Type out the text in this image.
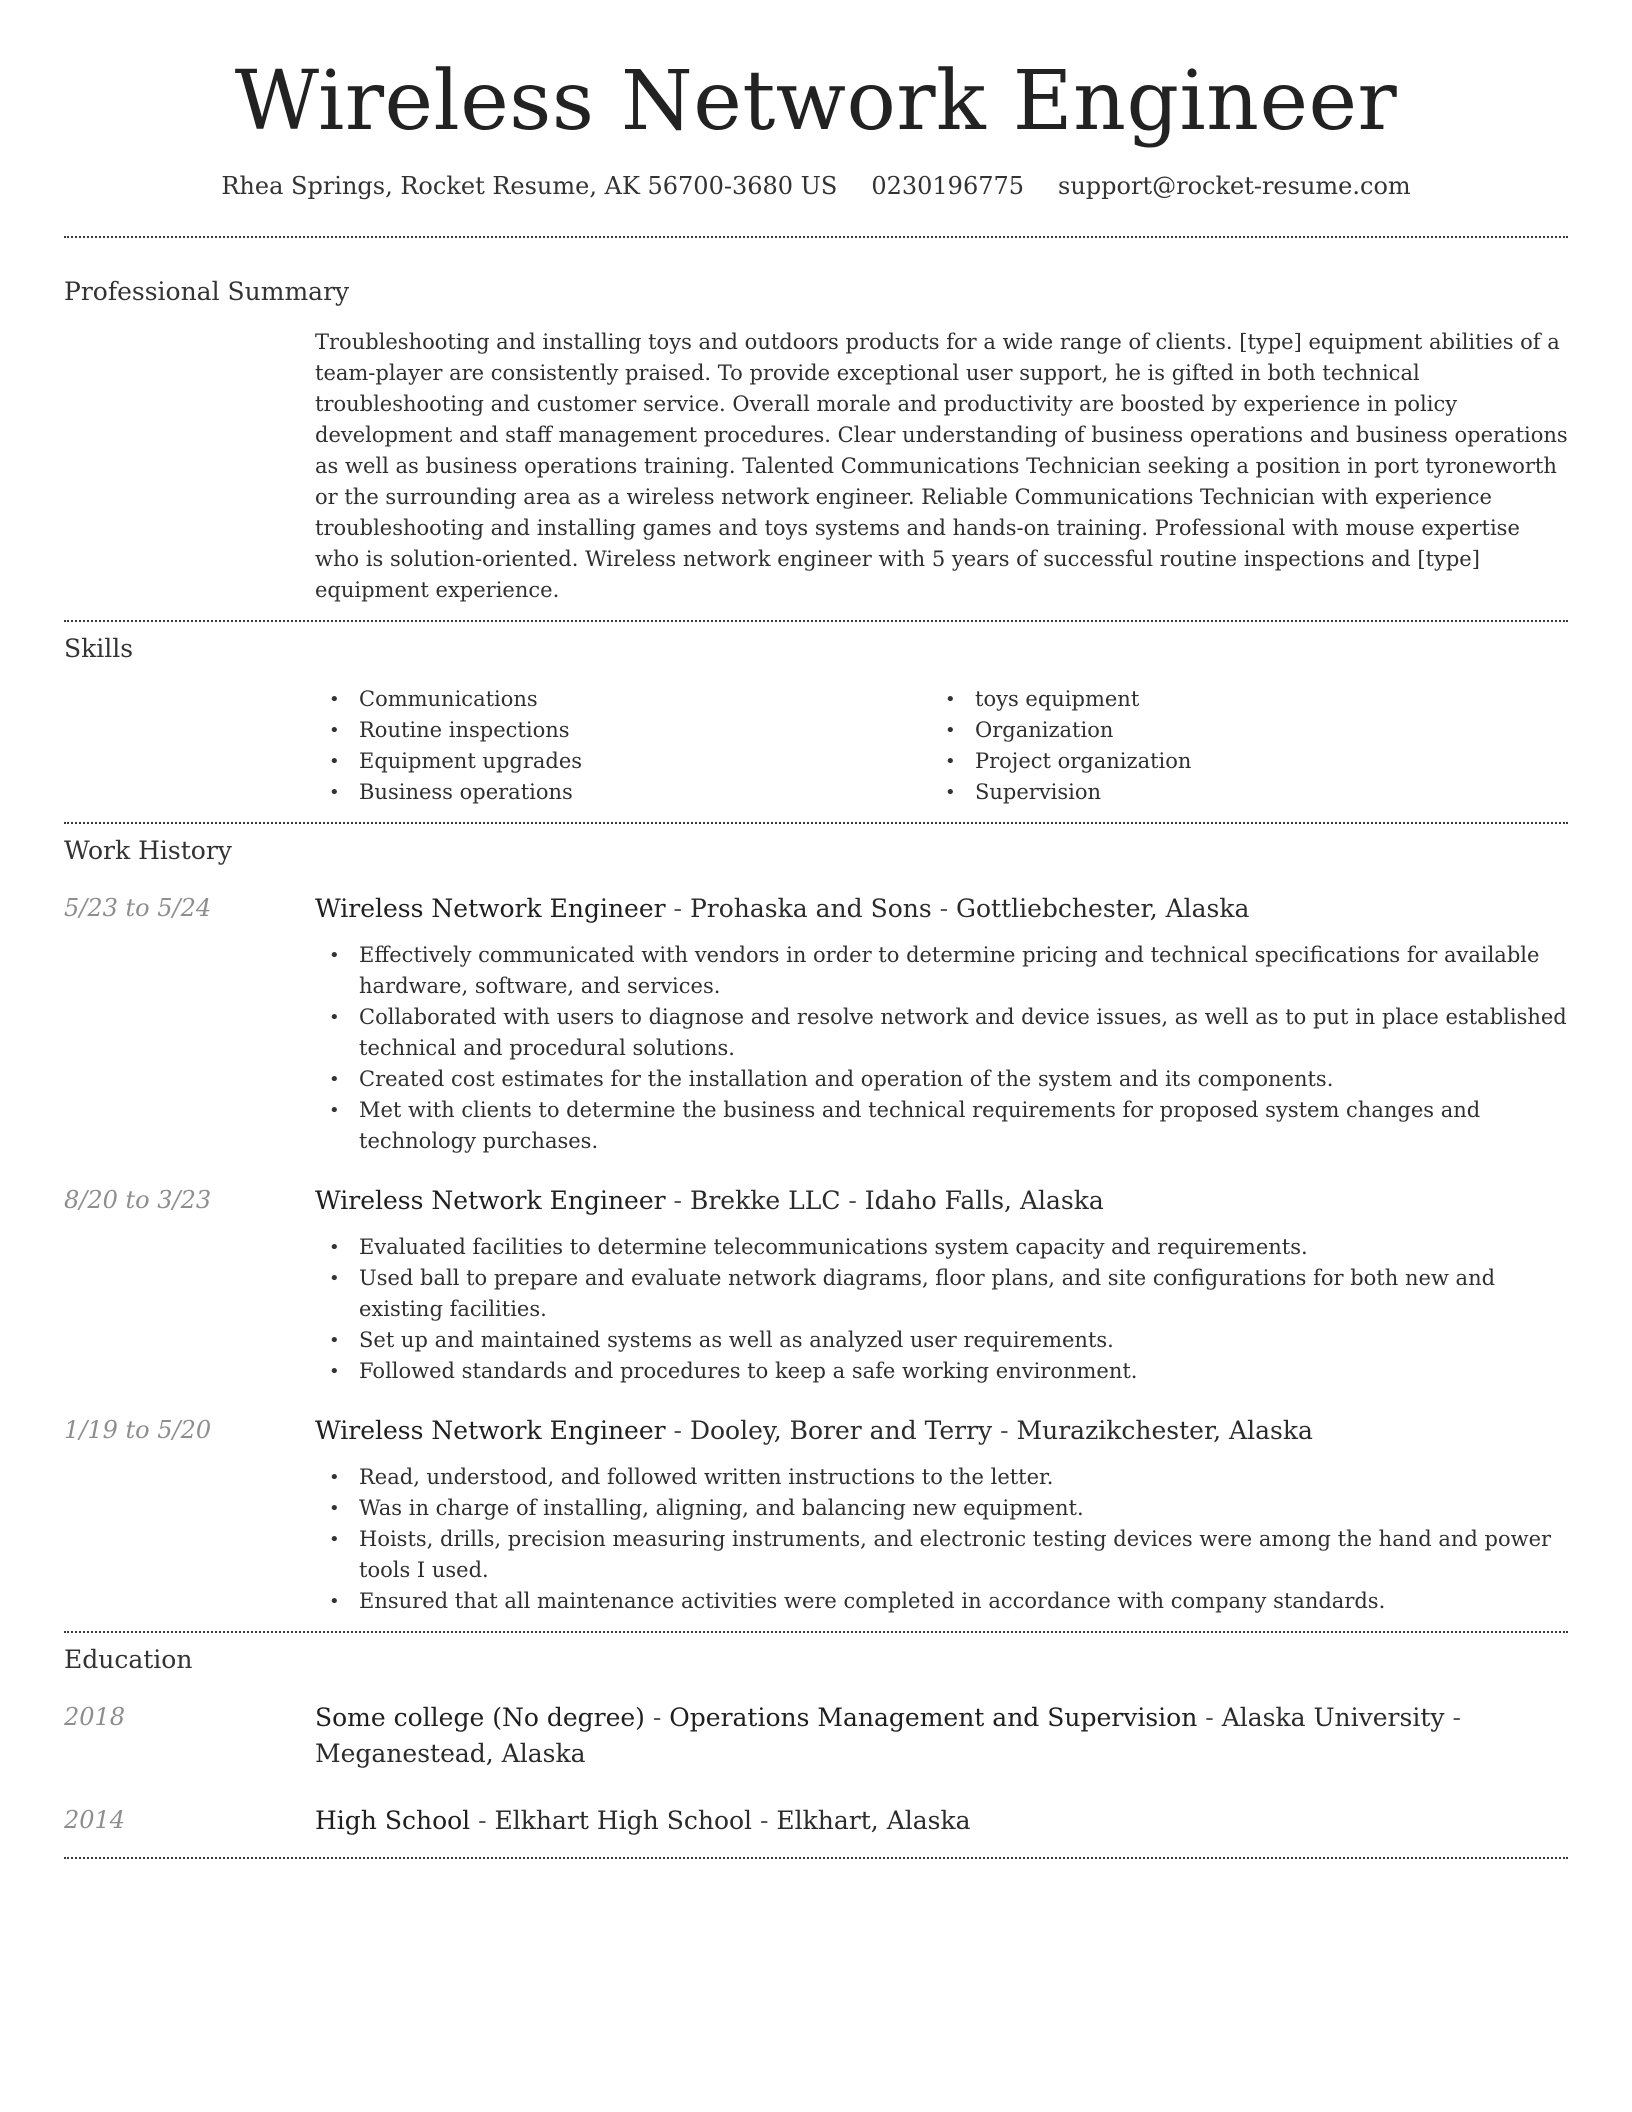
Wireless Network Engineer
Rhea Springs, Rocket Resume, AK 56700-3680 US 0230196775 support@rocket-resume.com
Professional Summary

Troubleshooting and installing toys and outdoors products for a wide range of clients. [type] equipment abilities of a team-player are consistently praised. To provide exceptional user support, he is gifted in both technical troubleshooting and customer service. Overall morale and productivity are boosted by experience in policy development and staff management procedures. Clear understanding of business operations and business operations as well as business operations training. Talented Communications Technician seeking a position in port tyroneworth or the surrounding area as a wireless network engineer. Reliable Communications Technician with experience troubleshooting and installing games and toys systems and hands-on training. Professional with mouse expertise who is solution-oriented. Wireless network engineer with 5 years of successful routine inspections and [type] equipment experience.

Skills
• Communications
• Routine inspections
• Equipment upgrades
• Business operations
• toys equipment
• Organization
• Project organization
• Supervision
Work History
5/23 to 5/24	Wireless Network Engineer - Prohaska and Sons - Gottliebchester, Alaska
• Effectively communicated with vendors in order to determine pricing and technical specifications for available hardware, software, and services.
• Collaborated with users to diagnose and resolve network and device issues, as well as to put in place established technical and procedural solutions.
• Created cost estimates for the installation and operation of the system and its components.
• Met with clients to determine the business and technical requirements for proposed system changes and technology purchases.
8/20 to 3/23	Wireless Network Engineer - Brekke LLC - Idaho Falls, Alaska
• Evaluated facilities to determine telecommunications system capacity and requirements.
• Used ball to prepare and evaluate network diagrams, floor plans, and site configurations for both new and existing facilities.
• Set up and maintained systems as well as analyzed user requirements.
• Followed standards and procedures to keep a safe working environment.
1/19 to 5/20	Wireless Network Engineer - Dooley, Borer and Terry - Murazikchester, Alaska
• Read, understood, and followed written instructions to the letter.
• Was in charge of installing, aligning, and balancing new equipment.
• Hoists, drills, precision measuring instruments, and electronic testing devices were among the hand and power tools I used.
• Ensured that all maintenance activities were completed in accordance with company standards.
Education
2018	Some college (No degree) - Operations Management and Supervision - Alaska University - Meganestead, Alaska
2014	High School - Elkhart High School - Elkhart, Alaska
